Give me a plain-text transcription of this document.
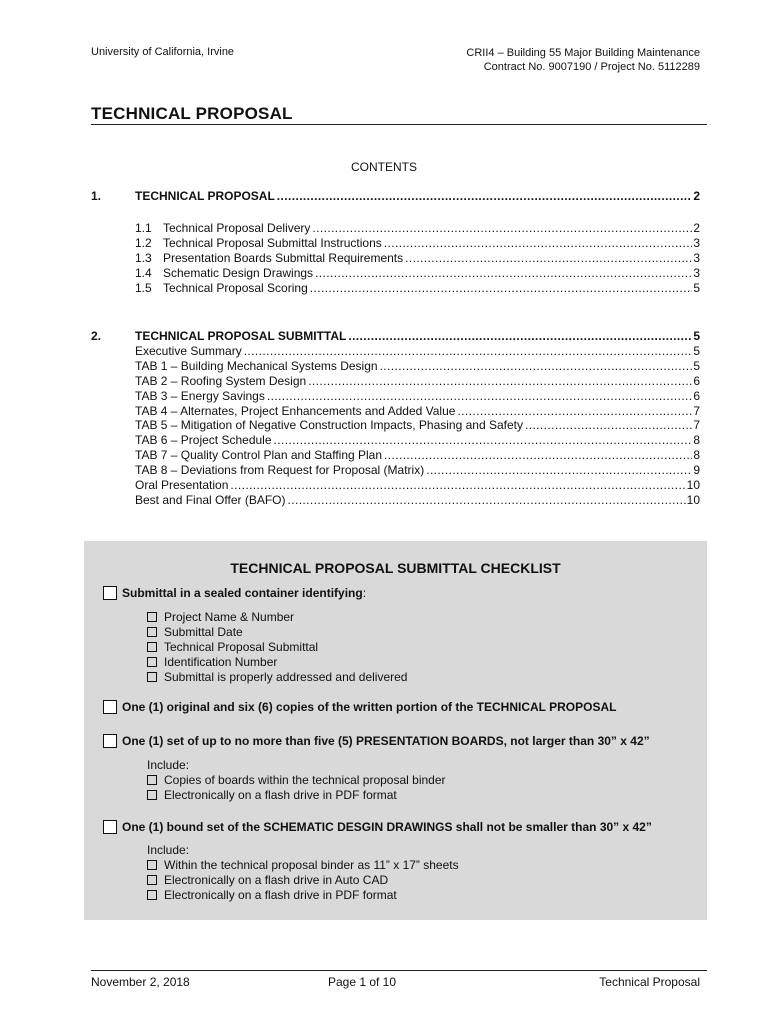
University of California, Irvine	CRII4 – Building 55 Major Building Maintenance
Contract No. 9007190 / Project No. 5112289
TECHNICAL PROPOSAL
CONTENTS
1.	TECHNICAL PROPOSAL .....	2
1.1 Technical Proposal Delivery .....	2
1.2 Technical Proposal Submittal Instructions .....	3
1.3 Presentation Boards Submittal Requirements .....	3
1.4 Schematic Design Drawings .....	3
1.5 Technical Proposal Scoring .....	5
2.	TECHNICAL PROPOSAL SUBMITTAL .....	5
Executive Summary .....	5
TAB 1 – Building Mechanical Systems Design .....	5
TAB 2 – Roofing System Design .....	6
TAB 3 – Energy Savings .....	6
TAB 4 – Alternates, Project Enhancements and Added Value .....	7
TAB 5 – Mitigation of Negative Construction Impacts, Phasing and Safety .....	7
TAB 6 – Project Schedule .....	8
TAB 7 – Quality Control Plan and Staffing Plan .....	8
TAB 8 – Deviations from Request for Proposal (Matrix) .....	9
Oral Presentation .....	10
Best and Final Offer (BAFO) .....	10
TECHNICAL PROPOSAL SUBMITTAL CHECKLIST
Submittal in a sealed container identifying :
Project Name & Number
Submittal Date
Technical Proposal Submittal
Identification Number
Submittal is properly addressed and delivered
One (1) original and six (6) copies of the written portion of the TECHNICAL PROPOSAL
One (1) set of up to no more than five (5) PRESENTATION BOARDS, not larger than 30” x 42”
Include:
Copies of boards within the technical proposal binder
Electronically on a flash drive in PDF format
One (1) bound set of the SCHEMATIC DESGIN DRAWINGS shall not be smaller than 30” x 42”
Include:
Within the technical proposal binder as 11” x 17” sheets
Electronically on a flash drive in Auto CAD
Electronically on a flash drive in PDF format
November 2, 2018	Page 1 of 10	Technical Proposal
